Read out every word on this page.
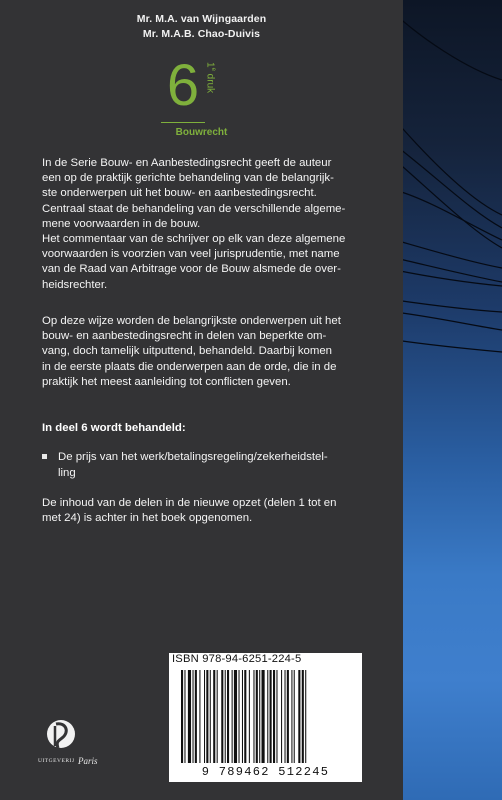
Mr. M.A. van Wijngaarden
Mr. M.A.B. Chao-Duivis
6 1e druk
Bouwrecht
In de Serie Bouw- en Aanbestedingsrecht geeft de auteur
een op de praktijk gerichte behandeling van de belangrijk-
ste onderwerpen uit het bouw- en aanbestedingsrecht.
Centraal staat de behandeling van de verschillende algeme-
mene voorwaarden in de bouw.
Het commentaar van de schrijver op elk van deze algemene
voorwaarden is voorzien van veel jurisprudentie, met name
van de Raad van Arbitrage voor de Bouw alsmede de over-
heidsrechter.
Op deze wijze worden de belangrijkste onderwerpen uit het
bouw- en aanbestedingsrecht in delen van beperkte om-
vang, doch tamelijk uitputtend, behandeld. Daarbij komen
in de eerste plaats die onderwerpen aan de orde, die in de
praktijk het meest aanleiding tot conflicten geven.
In deel 6 wordt behandeld:
De prijs van het werk/betalingsregeling/zekerheidstel-
ling
De inhoud van de delen in de nieuwe opzet (delen 1 tot en
met 24) is achter in het boek opgenomen.
ISBN 978-94-6251-224-5
9 789462 512245
UITGEVERIJ Paris
